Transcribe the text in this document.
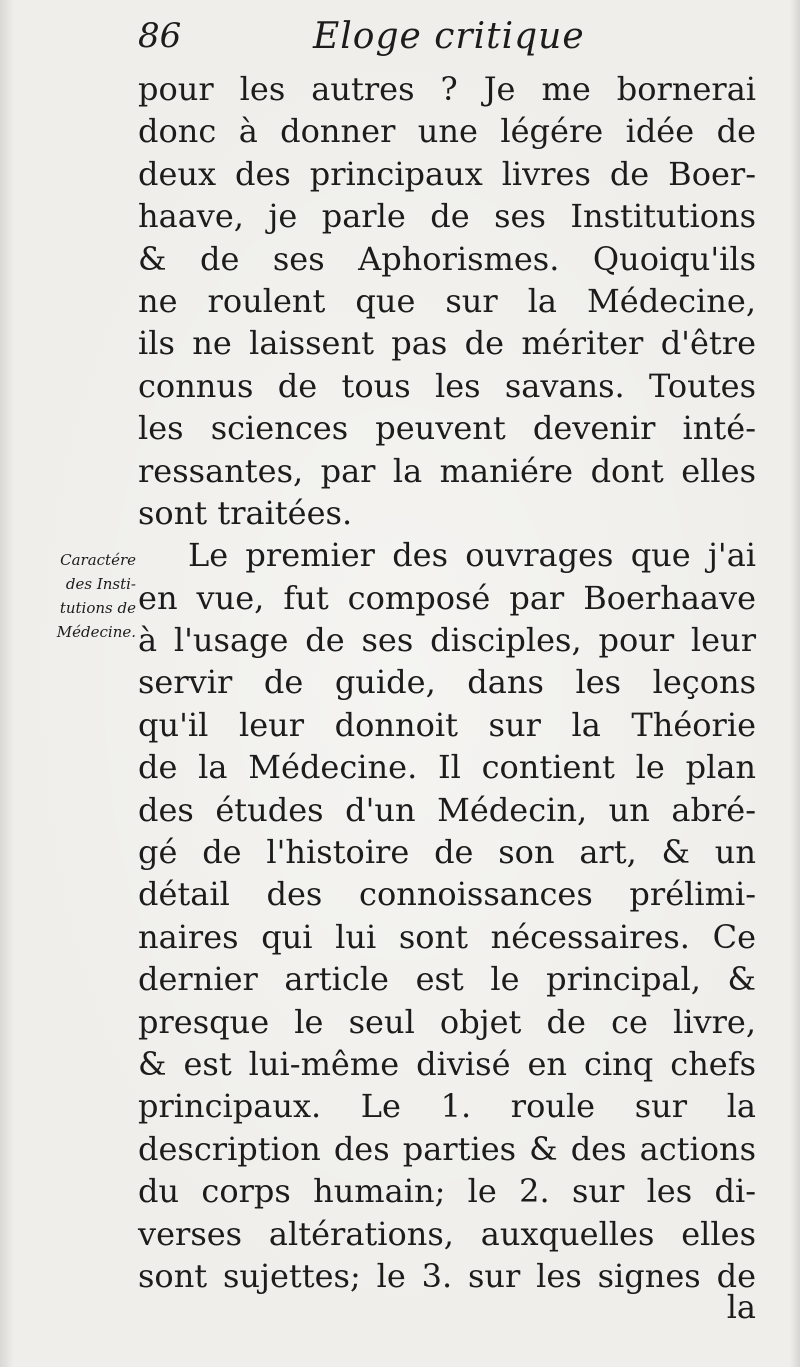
86	Eloge critique
Caractére
des Insti-
tutions de
Médecine.
pour les autres ? Je me bornerai
donc à donner une légére idée de
deux des principaux livres de Boer-
haave, je parle de ses Institutions
& de ses Aphorismes. Quoiqu'ils
ne roulent que sur la Médecine,
ils ne laissent pas de mériter d'être
connus de tous les savans. Toutes
les sciences peuvent devenir inté-
ressantes, par la maniére dont elles
sont traitées.
Le premier des ouvrages que j'ai
en vue, fut composé par Boerhaave
à l'usage de ses disciples, pour leur
servir de guide, dans les leçons
qu'il leur donnoit sur la Théorie
de la Médecine. Il contient le plan
des études d'un Médecin, un abré-
gé de l'histoire de son art, & un
détail des connoissances prélimi-
naires qui lui sont nécessaires. Ce
dernier article est le principal, &
presque le seul objet de ce livre,
& est lui-même divisé en cinq chefs
principaux. Le 1. roule sur la
description des parties & des actions
du corps humain; le 2. sur les di-
verses altérations, auxquelles elles
sont sujettes; le 3. sur les signes de
la
